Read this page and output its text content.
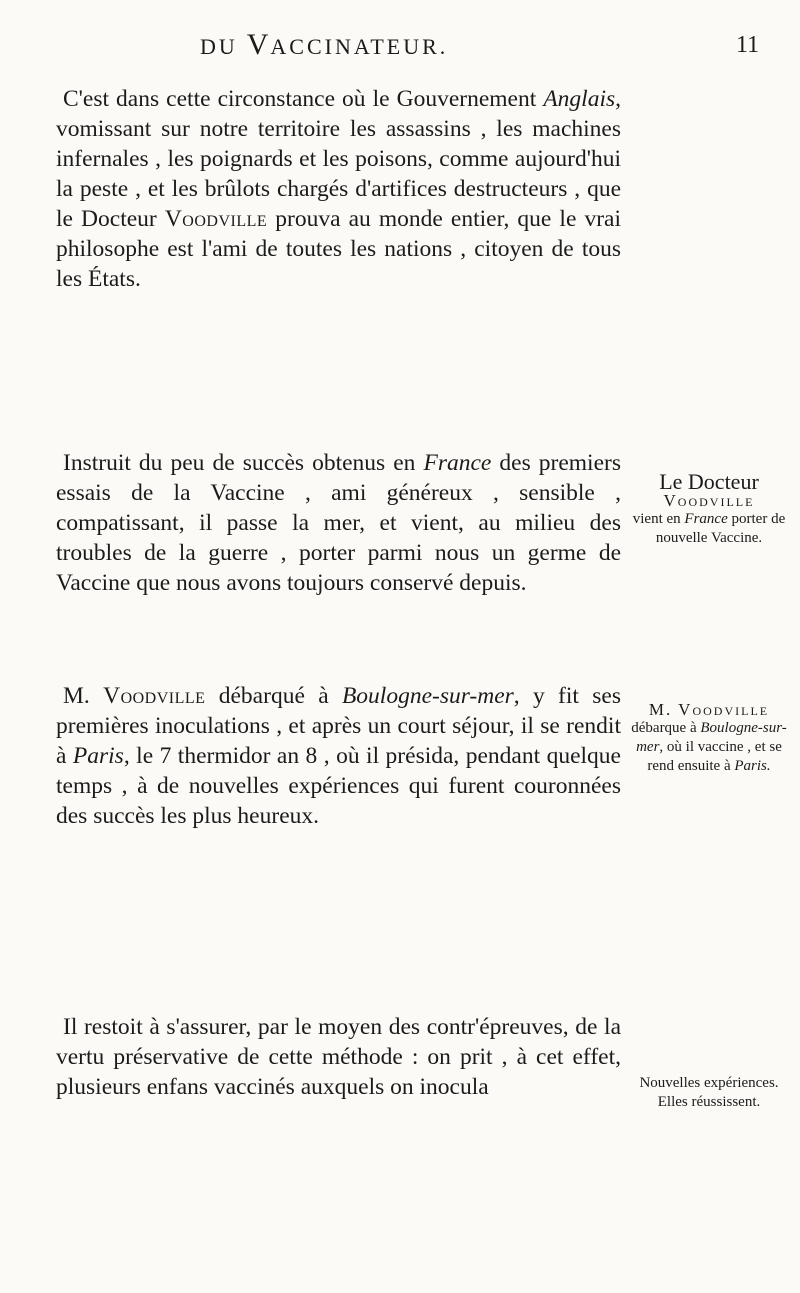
DU VACCINATEUR.	11

C'est dans cette circonstance où le Gouvernement Anglais, vomissant sur notre territoire les assassins , les machines infernales , les poignards et les poisons, comme aujourd'hui la peste , et les brûlots chargés d'artifices destructeurs , que le Docteur Voodville prouva au monde entier, que le vrai philosophe est l'ami de toutes les nations , citoyen de tous les États.

Instruit du peu de succès obtenus en France des premiers essais de la Vaccine , ami généreux , sensible , compatissant, il passe la mer, et vient, au milieu des troubles de la guerre , porter parmi nous un germe de Vaccine que nous avons toujours conservé depuis.

M. Voodville débarqué à Boulogne-sur-mer, y fit ses premières inoculations , et après un court séjour, il se rendit à Paris, le 7 thermidor an 8 , où il présida, pendant quelque temps , à de nouvelles expériences qui furent couronnées des succès les plus heureux.

Il restoit à s'assurer, par le moyen des contr'épreuves, de la vertu préservative de cette méthode : on prit , à cet effet, plusieurs enfans vaccinés auxquels on inocula

Le Docteur
Voodville
vient en France porter de nouvelle Vaccine.
M. Voodville
débarque à Boulogne-sur-mer, où il vaccine , et se rend ensuite à Paris.
Nouvelles expériences. Elles réussissent.
